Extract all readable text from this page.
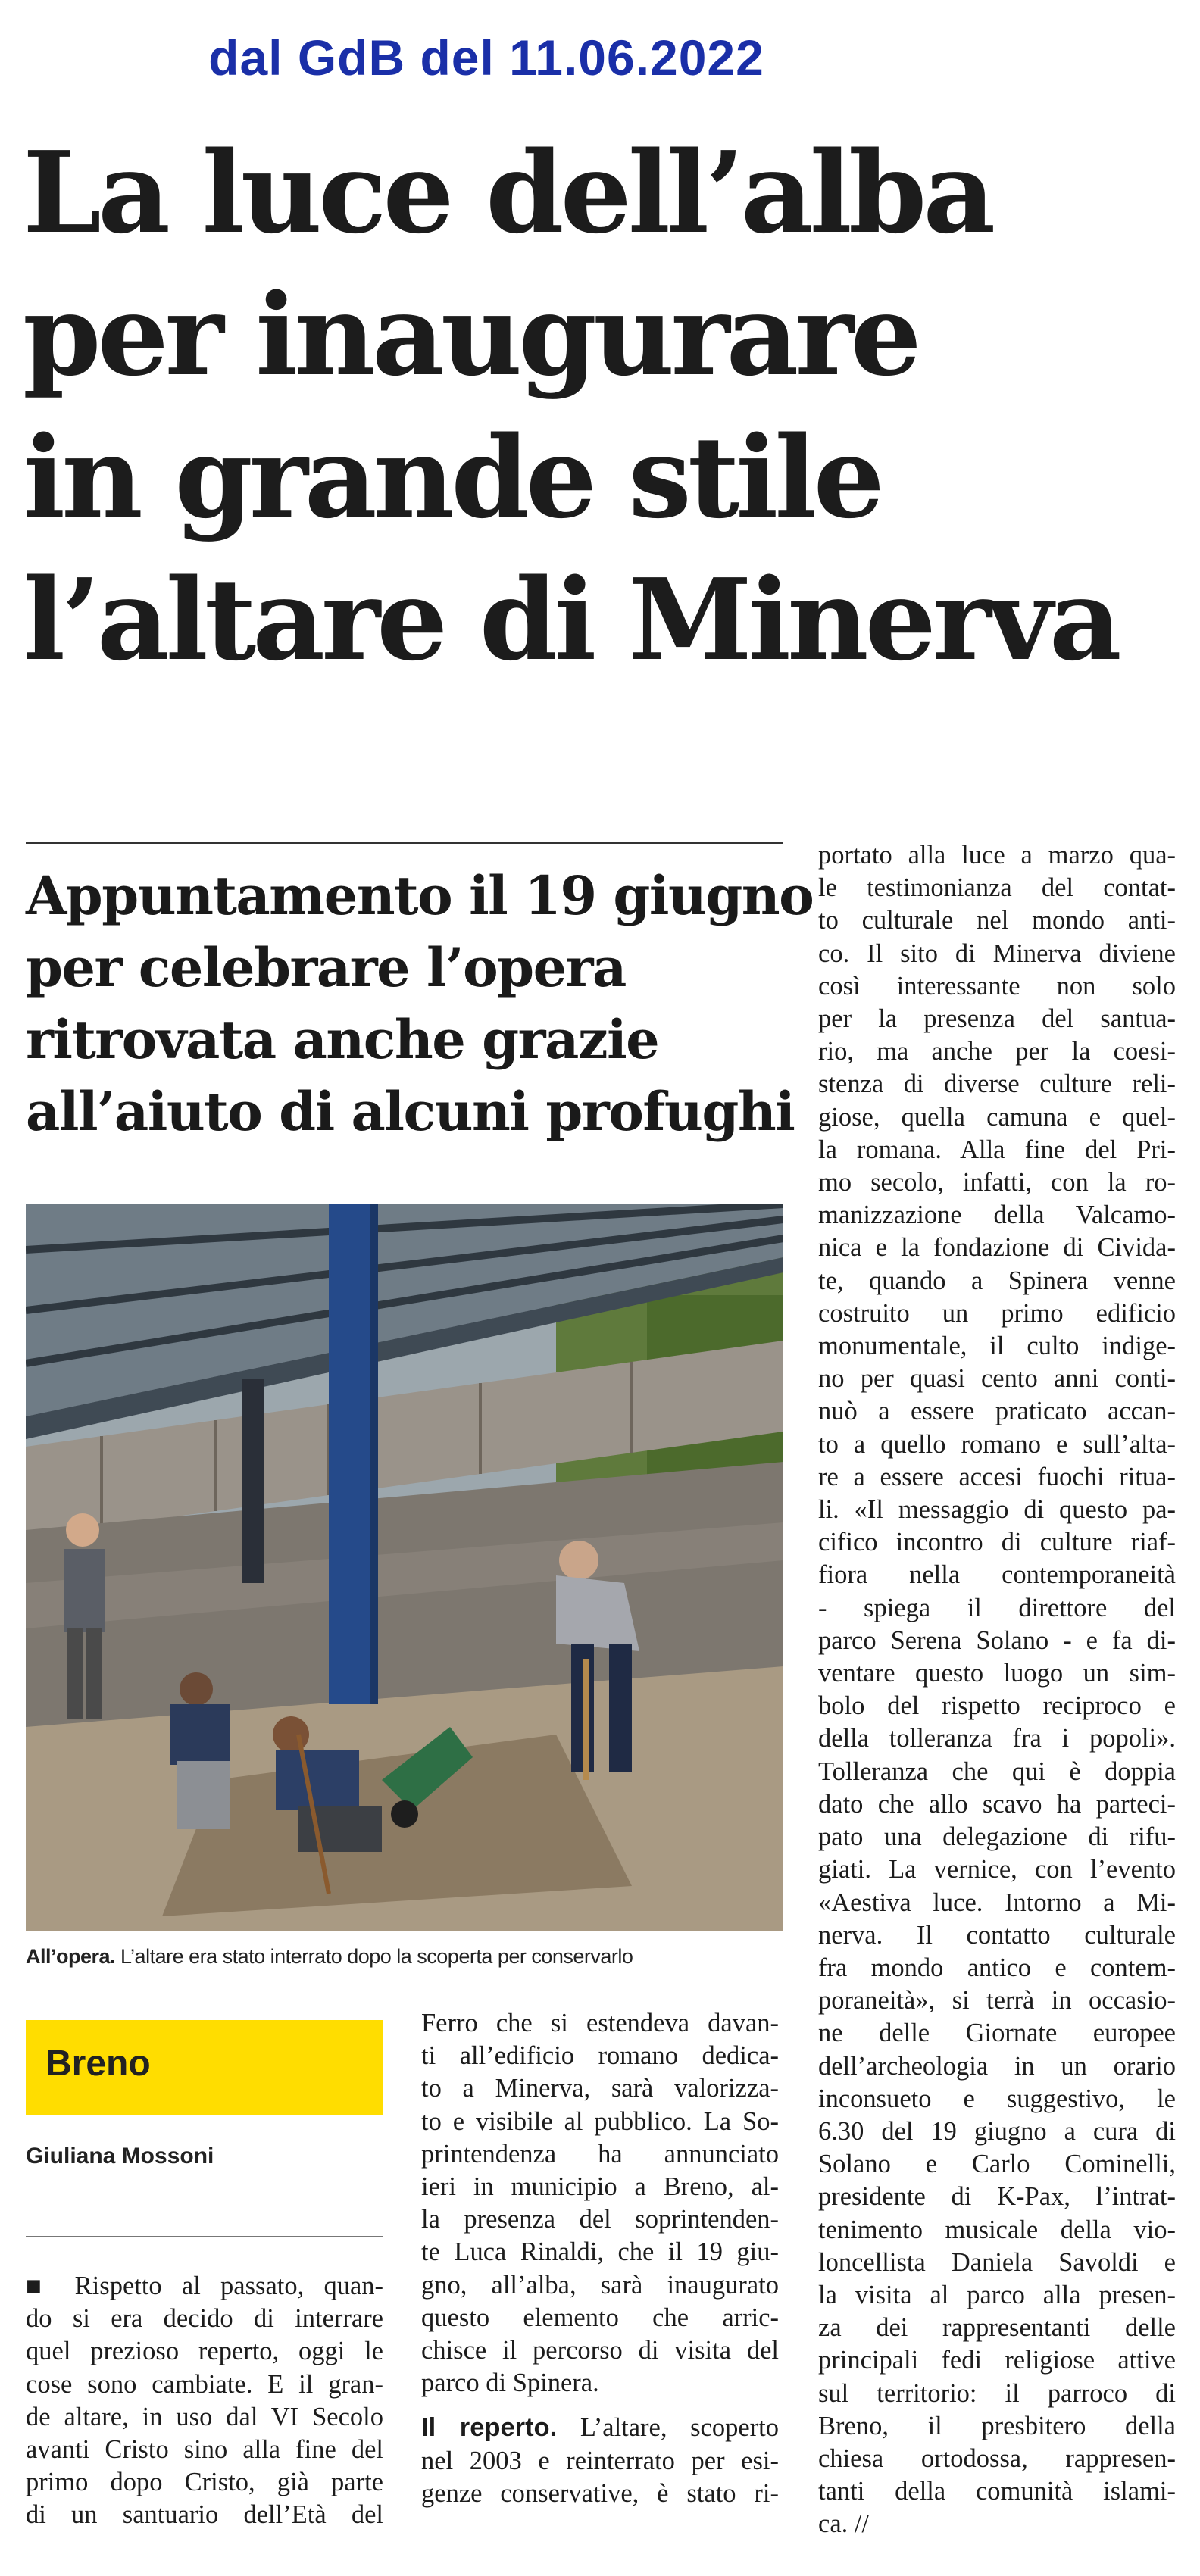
dal GdB del 11.06.2022
La luce dell’alba
per inaugurare
in grande stile
l’altare di Minerva
Appuntamento il 19 giugno
per celebrare l’opera
ritrovata anche grazie
all’aiuto di alcuni profughi
All’opera. L’altare era stato interrato dopo la scoperta per conservarlo
Breno
Giuliana Mossoni
■ Rispetto al passato, quan-
do si era decido di interrare
quel prezioso reperto, oggi le
cose sono cambiate. E il gran-
de altare, in uso dal VI Secolo
avanti Cristo sino alla fine del
primo dopo Cristo, già parte
di un santuario dell’Età del
Ferro che si estendeva davan-
ti all’edificio romano dedica-
to a Minerva, sarà valorizza-
to e visibile al pubblico. La So-
printendenza ha annunciato
ieri in municipio a Breno, al-
la presenza del soprintenden-
te Luca Rinaldi, che il 19 giu-
gno, all’alba, sarà inaugurato
questo elemento che arric-
chisce il percorso di visita del
parco di Spinera.
Il reperto. L’altare, scoperto
nel 2003 e reinterrato per esi-
genze conservative, è stato ri-
portato alla luce a marzo qua-
le testimonianza del contat-
to culturale nel mondo anti-
co. Il sito di Minerva diviene
così interessante non solo
per la presenza del santua-
rio, ma anche per la coesi-
stenza di diverse culture reli-
giose, quella camuna e quel-
la romana. Alla fine del Pri-
mo secolo, infatti, con la ro-
manizzazione della Valcamo-
nica e la fondazione di Civida-
te, quando a Spinera venne
costruito un primo edificio
monumentale, il culto indige-
no per quasi cento anni conti-
nuò a essere praticato accan-
to a quello romano e sull’alta-
re a essere accesi fuochi ritua-
li. «Il messaggio di questo pa-
cifico incontro di culture riaf-
fiora nella contemporaneità
- spiega il direttore del
parco Serena Solano - e fa di-
ventare questo luogo un sim-
bolo del rispetto reciproco e
della tolleranza fra i popoli».
Tolleranza che qui è doppia
dato che allo scavo ha parteci-
pato una delegazione di rifu-
giati. La vernice, con l’evento
«Aestiva luce. Intorno a Mi-
nerva. Il contatto culturale
fra mondo antico e contem-
poraneità», si terrà in occasio-
ne delle Giornate europee
dell’archeologia in un orario
inconsueto e suggestivo, le
6.30 del 19 giugno a cura di
Solano e Carlo Cominelli,
presidente di K-Pax, l’intrat-
tenimento musicale della vio-
loncellista Daniela Savoldi e
la visita al parco alla presen-
za dei rappresentanti delle
principali fedi religiose attive
sul territorio: il parroco di
Breno, il presbitero della
chiesa ortodossa, rappresen-
tanti della comunità islami-
ca. //
